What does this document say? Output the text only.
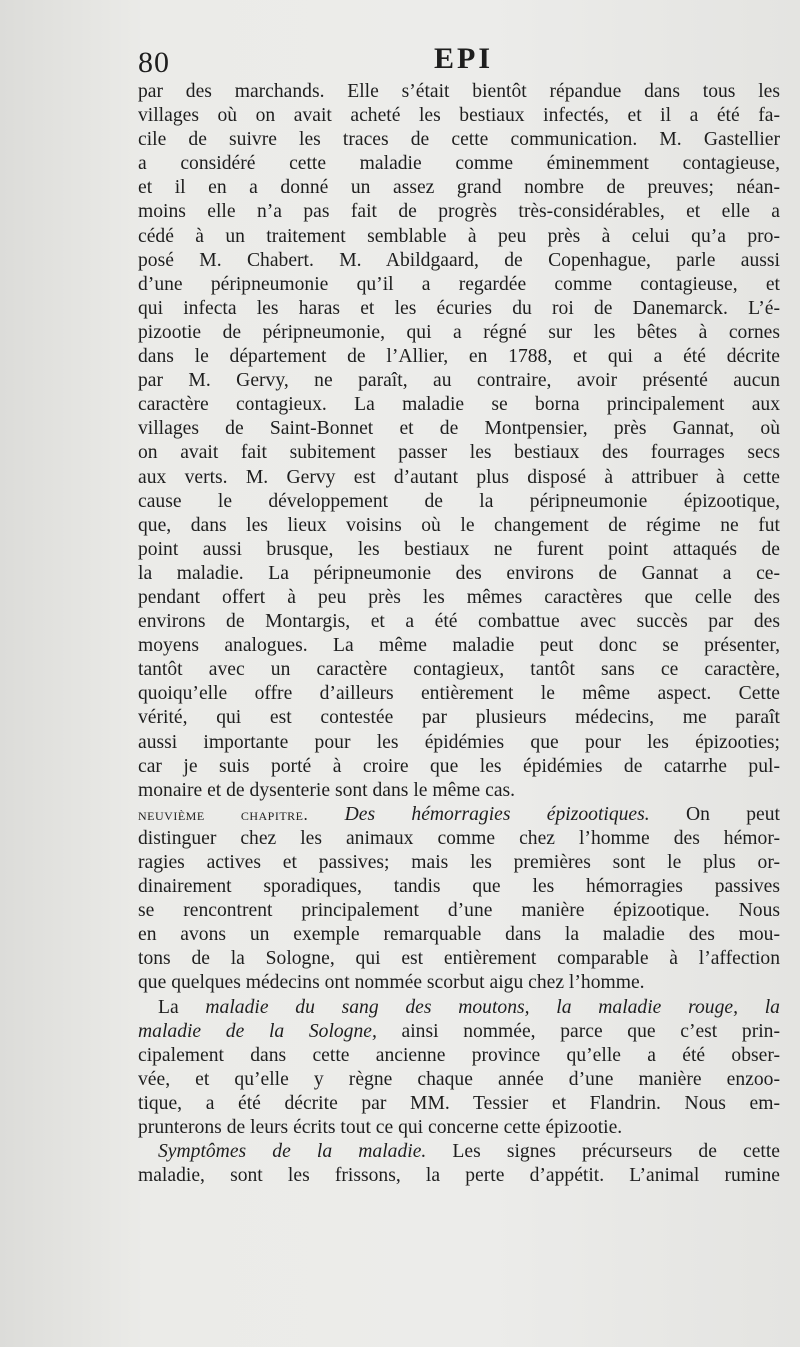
80	EPI
par des marchands. Elle s’était bientôt répandue dans tous les
villages où on avait acheté les bestiaux infectés, et il a été fa-
cile de suivre les traces de cette communication. M. Gastellier
a considéré cette maladie comme éminemment contagieuse,
et il en a donné un assez grand nombre de preuves; néan-
moins elle n’a pas fait de progrès très-considérables, et elle a
cédé à un traitement semblable à peu près à celui qu’a pro-
posé M. Chabert. M. Abildgaard, de Copenhague, parle aussi
d’une péripneumonie qu’il a regardée comme contagieuse, et
qui infecta les haras et les écuries du roi de Danemarck. L’é-
pizootie de péripneumonie, qui a régné sur les bêtes à cornes
dans le département de l’Allier, en 1788, et qui a été décrite
par M. Gervy, ne paraît, au contraire, avoir présenté aucun
caractère contagieux. La maladie se borna principalement aux
villages de Saint-Bonnet et de Montpensier, près Gannat, où
on avait fait subitement passer les bestiaux des fourrages secs
aux verts. M. Gervy est d’autant plus disposé à attribuer à cette
cause le développement de la péripneumonie épizootique,
que, dans les lieux voisins où le changement de régime ne fut
point aussi brusque, les bestiaux ne furent point attaqués de
la maladie. La péripneumonie des environs de Gannat a ce-
pendant offert à peu près les mêmes caractères que celle des
environs de Montargis, et a été combattue avec succès par des
moyens analogues. La même maladie peut donc se présenter,
tantôt avec un caractère contagieux, tantôt sans ce caractère,
quoiqu’elle offre d’ailleurs entièrement le même aspect. Cette
vérité, qui est contestée par plusieurs médecins, me paraît
aussi importante pour les épidémies que pour les épizooties;
car je suis porté à croire que les épidémies de catarrhe pul-
monaire et de dysenterie sont dans le même cas.
neuvième chapitre. Des hémorragies épizootiques. On peut
distinguer chez les animaux comme chez l’homme des hémor-
ragies actives et passives; mais les premières sont le plus or-
dinairement sporadiques, tandis que les hémorragies passives
se rencontrent principalement d’une manière épizootique. Nous
en avons un exemple remarquable dans la maladie des mou-
tons de la Sologne, qui est entièrement comparable à l’affection
que quelques médecins ont nommée scorbut aigu chez l’homme.
La maladie du sang des moutons, la maladie rouge, la
maladie de la Sologne, ainsi nommée, parce que c’est prin-
cipalement dans cette ancienne province qu’elle a été obser-
vée, et qu’elle y règne chaque année d’une manière enzoo-
tique, a été décrite par MM. Tessier et Flandrin. Nous em-
prunterons de leurs écrits tout ce qui concerne cette épizootie.
Symptômes de la maladie. Les signes précurseurs de cette
maladie, sont les frissons, la perte d’appétit. L’animal rumine
